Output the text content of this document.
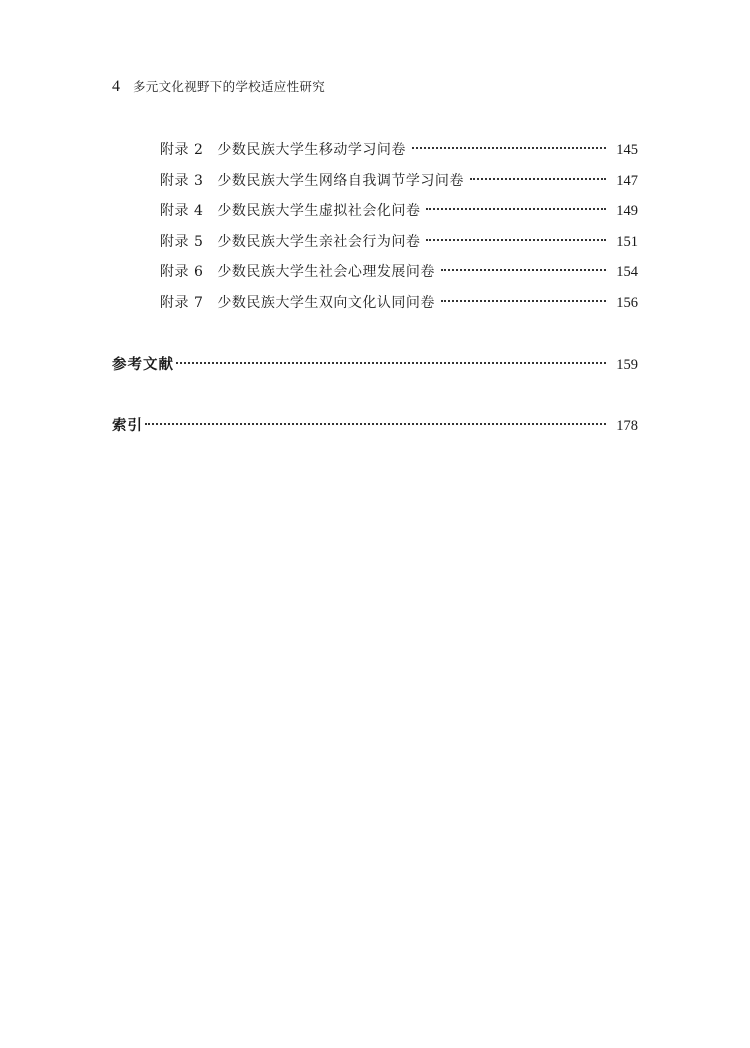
4 多元文化视野下的学校适应性研究
附录 2 少数民族大学生移动学习问卷	145
附录 3 少数民族大学生网络自我调节学习问卷	147
附录 4 少数民族大学生虚拟社会化问卷	149
附录 5 少数民族大学生亲社会行为问卷	151
附录 6 少数民族大学生社会心理发展问卷	154
附录 7 少数民族大学生双向文化认同问卷	156
参考文献	159
索引	178
